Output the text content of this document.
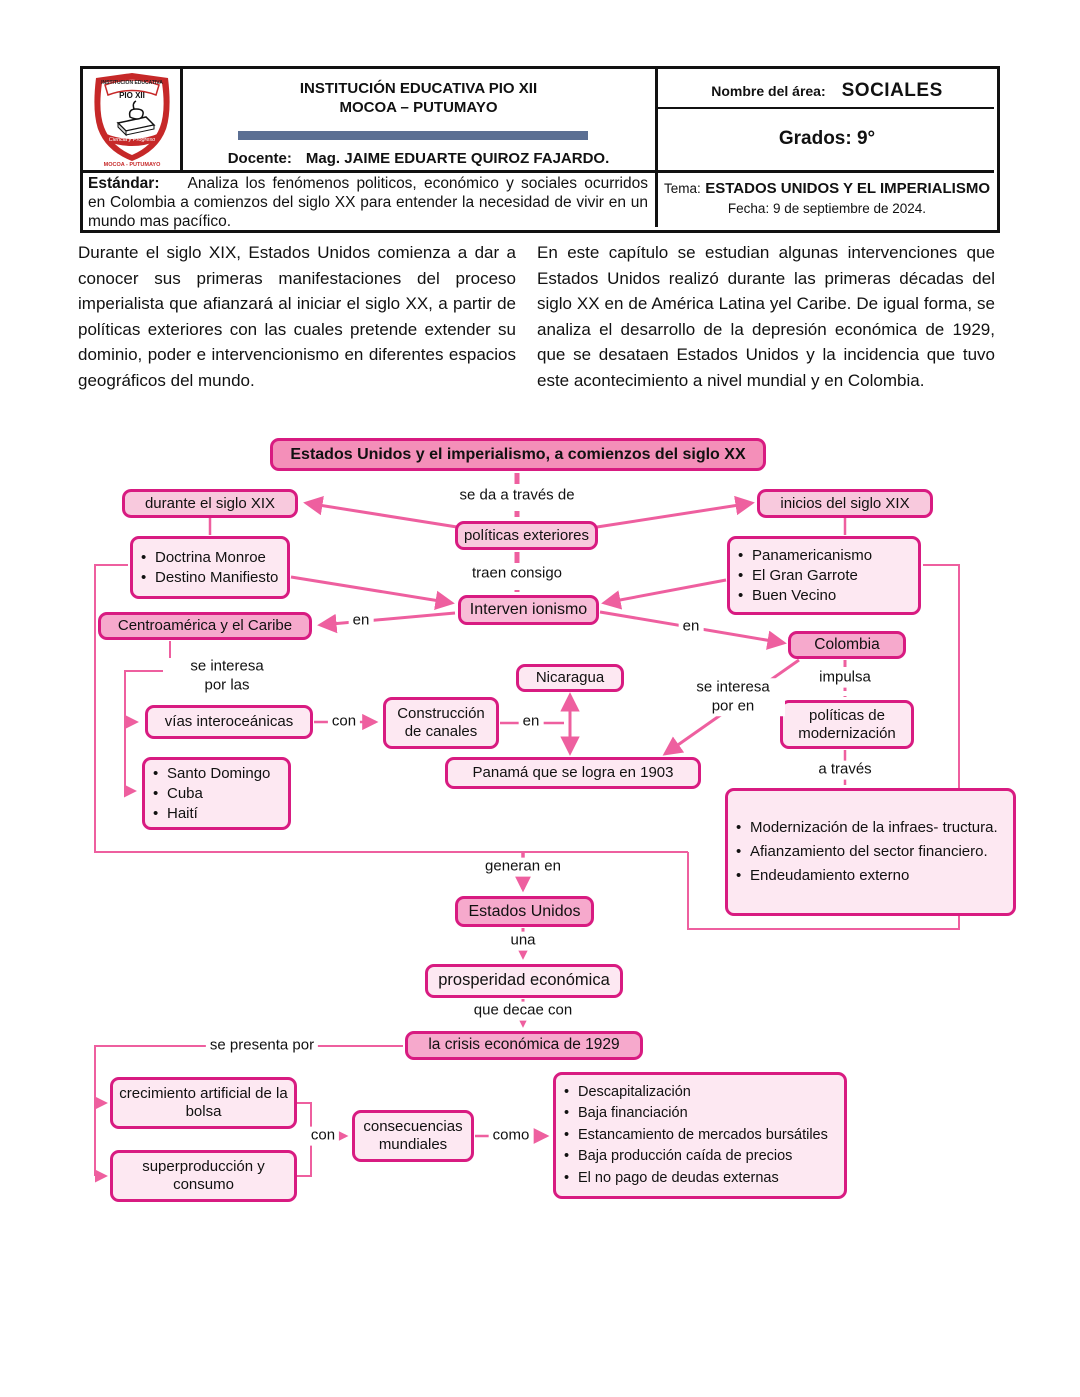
INSTITUCION EDUCATIVA
PIO XII
Ciencia y Progreso
MOCOA - PUTUMAYO
INSTITUCIÓN EDUCATIVA PIO XII
MOCOA – PUTUMAYO
Docente: Mag. JAIME EDUARTE QUIROZ FAJARDO.
Nombre del área: SOCIALES
Grados: 9°
Tema: ESTADOS UNIDOS Y EL IMPERIALISMO
Fecha: 9 de septiembre de 2024.
Estándar: Analiza los fenómenos politicos, económico y sociales ocurridos en Colombia a comienzos del siglo XX para entender la necesidad de vivir en un mundo mas pacífico.
Durante el siglo XIX, Estados Unidos comienza a dar a conocer sus primeras manifestaciones del proceso imperialista que afianzará al iniciar el siglo XX, a partir de políticas exteriores con las cuales pretende extender su dominio, poder e intervencionismo en diferentes espacios geográficos del mundo.
En este capítulo se estudian algunas intervenciones que Estados Unidos realizó durante las primeras décadas del siglo XX en de América Latina yel Caribe. De igual forma, se analiza el desarrollo de la depresión económica de 1929, que se desataen Estados Unidos y la incidencia que tuvo este acontecimiento a nivel mundial y en Colombia.
Estados Unidos y el imperialismo, a comienzos del siglo XX
durante el siglo XIX	inicios del siglo XIX
políticas exteriores
• Doctrina Monroe
• Destino Manifiesto
• Panamericanismo
• El Gran Garrote
• Buen Vecino
Centroamérica y el Caribe
Interven ionismo
Colombia
vías interoceánicas	Construcción de canales
Nicaragua
políticas de modernización
• Santo Domingo
• Cuba
• Haití
Panamá que se logra en 1903
• Modernización de la infraes- tructura.
• Afianzamiento del sector financiero.
• Endeudamiento externo
Estados Unidos
prosperidad económica
la crisis económica de 1929
crecimiento artificial de la bolsa
superproducción y consumo
consecuencias mundiales
• Descapitalización
• Baja financiación
• Estancamiento de mercados bursátiles
• Baja producción caída de precios
• El no pago de deudas externas
se da a través de
traen consigo
en	en
se interesa por las
con	en
se interesa por en
impulsa
a través
generan en
una
que decae con
se presenta por
con	como
